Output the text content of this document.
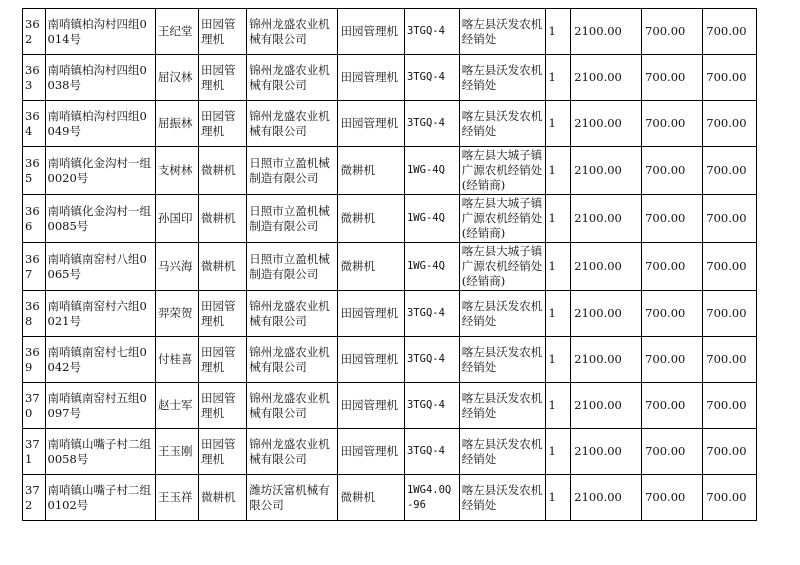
362	南哨镇柏沟村四组0014号	王纪堂	田园管理机	锦州龙盛农业机械有限公司	田园管理机	3TGQ-4	喀左县沃发农机经销处	1	2100.00	700.00	700.00
363	南哨镇柏沟村四组0038号	屈汉林	田园管理机	锦州龙盛农业机械有限公司	田园管理机	3TGQ-4	喀左县沃发农机经销处	1	2100.00	700.00	700.00
364	南哨镇柏沟村四组0049号	屈振林	田园管理机	锦州龙盛农业机械有限公司	田园管理机	3TGQ-4	喀左县沃发农机经销处	1	2100.00	700.00	700.00
365	南哨镇化金沟村一组0020号	支树林	微耕机	日照市立盈机械制造有限公司	微耕机	1WG-4Q	喀左县大城子镇广源农机经销处(经销商)	1	2100.00	700.00	700.00
366	南哨镇化金沟村一组0085号	孙国印	微耕机	日照市立盈机械制造有限公司	微耕机	1WG-4Q	喀左县大城子镇广源农机经销处(经销商)	1	2100.00	700.00	700.00
367	南哨镇南窑村八组0065号	马兴海	微耕机	日照市立盈机械制造有限公司	微耕机	1WG-4Q	喀左县大城子镇广源农机经销处(经销商)	1	2100.00	700.00	700.00
368	南哨镇南窑村六组0021号	羿荣贺	田园管理机	锦州龙盛农业机械有限公司	田园管理机	3TGQ-4	喀左县沃发农机经销处	1	2100.00	700.00	700.00
369	南哨镇南窑村七组0042号	付桂喜	田园管理机	锦州龙盛农业机械有限公司	田园管理机	3TGQ-4	喀左县沃发农机经销处	1	2100.00	700.00	700.00
370	南哨镇南窑村五组0097号	赵士军	田园管理机	锦州龙盛农业机械有限公司	田园管理机	3TGQ-4	喀左县沃发农机经销处	1	2100.00	700.00	700.00
371	南哨镇山嘴子村二组0058号	王玉刚	田园管理机	锦州龙盛农业机械有限公司	田园管理机	3TGQ-4	喀左县沃发农机经销处	1	2100.00	700.00	700.00
372	南哨镇山嘴子村二组0102号	王玉祥	微耕机	潍坊沃富机械有限公司	微耕机	1WG4.0Q-96	喀左县沃发农机经销处	1	2100.00	700.00	700.00
